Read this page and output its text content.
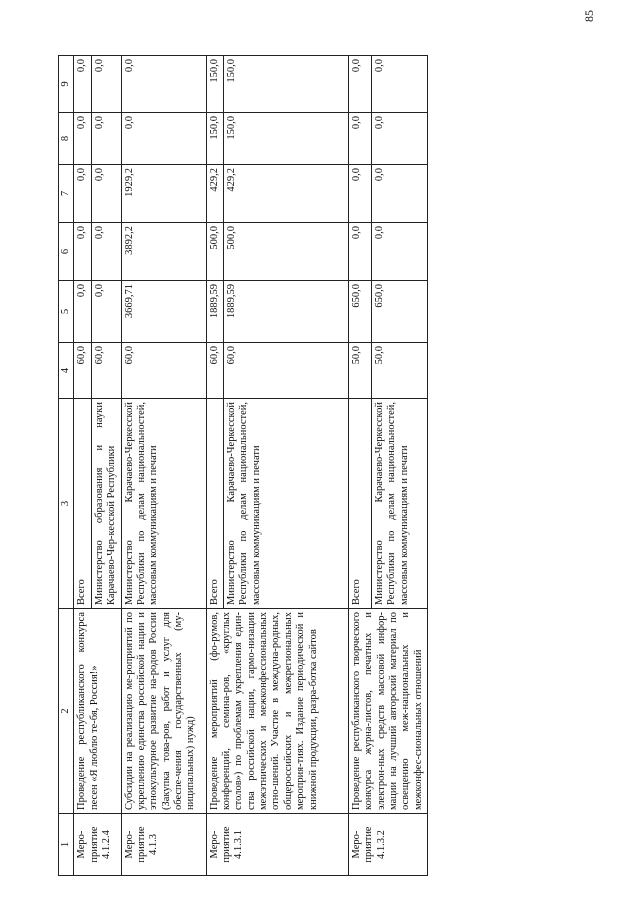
85
1	2	3	4	5	6	7	8	9
Меро-приятие 4.1.2.4	Проведение республиканского конкурса песен «Я люблю те-бя, Россия!»	Всего	60,0	0,0	0,0	0,0	0,0	0,0
		Министерство образования и науки Карачаево-Чер-кесской Республики	60,0	0,0	0,0	0,0	0,0	0,0
Меро-приятие 4.1.3	Субсидии на реализацию ме-роприятий по укреплению единства российской нации и этнокультурное развитие на-родов России (Закупка това-ров, работ и услуг для обеспе-чения государственных (му-ниципальных) нужд)	Министерство Карачаево-Черкесской Республики по делам национальностей, массовым коммуникациям и печати	60,0	3669,71	3892,2	1929,2	0,0	0,0
Меро-приятие 4.1.3.1	Проведение мероприятий (фо-румов, конференций, семина-ров, «круглых столов») по проблемам укрепления един-ства российской нации, гармо-низации межэтнических и межконфессиональных отно-шений. Участие в междуна-родных, общероссийских и межрегиональных мероприя-тиях. Издание периодической и книжной продукции, разра-ботка сайтов	Всего	60,0	1889,59	500,0	429,2	150,0	150,0
		Министерство Карачаево-Черкесской Республики по делам национальностей, массовым коммуникациям и печати	60,0	1889,59	500,0	429,2	150,0	150,0
Меро-приятие 4.1.3.2	Проведение республиканского творческого конкурса журна-листов, печатных и электрон-ных средств массовой инфор-мации на лучший авторский материал по освещению меж-национальных и межконфес-сиональных отношений	Всего	50,0	650,0	0,0	0,0	0,0	0,0
		Министерство Карачаево-Черкесской Республики по делам национальностей, массовым коммуникациям и печати	50,0	650,0	0,0	0,0	0,0	0,0
